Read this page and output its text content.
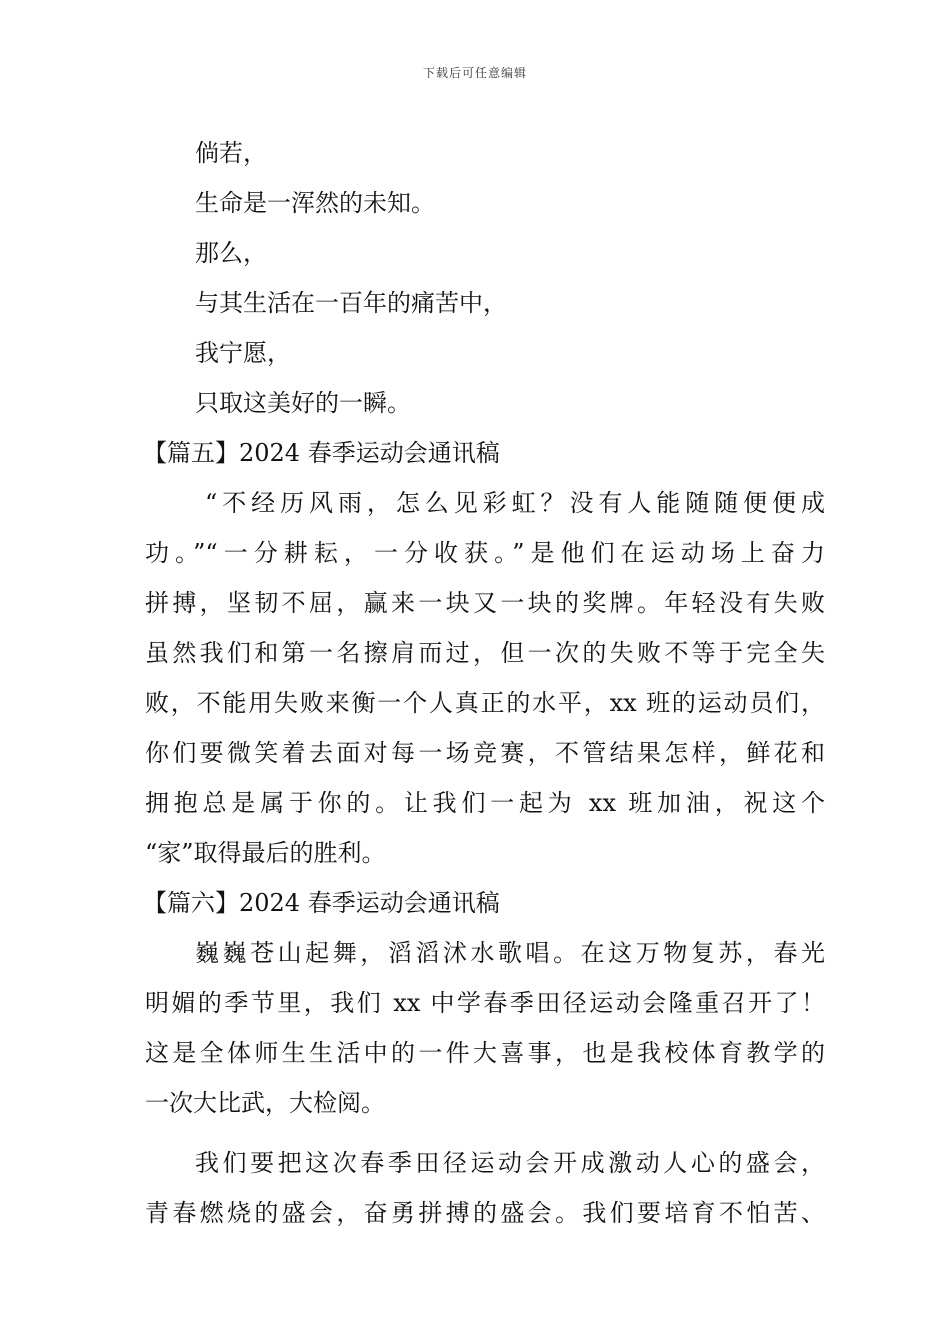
下载后可任意编辑
倘若，
生命是一浑然的未知。
那么，
与其生活在一百年的痛苦中，
我宁愿，
只取这美好的一瞬。
【篇五】2024 春季运动会通讯稿
“不经历风雨，怎么见彩虹？没有人能随随便便成
功。”“一分耕耘，一分收获。”是他们在运动场上奋力
拼搏，坚韧不屈，赢来一块又一块的奖牌。年轻没有失败
虽然我们和第一名擦肩而过，但一次的失败不等于完全失
败，不能用失败来衡一个人真正的水平，xx 班的运动员们，
你们要微笑着去面对每一场竞赛，不管结果怎样，鲜花和
拥抱总是属于你的。让我们一起为 xx 班加油，祝这个
“家”取得最后的胜利。
【篇六】2024 春季运动会通讯稿
巍巍苍山起舞，滔滔沭水歌唱。在这万物复苏，春光
明媚的季节里，我们 xx 中学春季田径运动会隆重召开了！
这是全体师生生活中的一件大喜事，也是我校体育教学的
一次大比武，大检阅。
我们要把这次春季田径运动会开成激动人心的盛会，
青春燃烧的盛会，奋勇拼搏的盛会。我们要培育不怕苦、
